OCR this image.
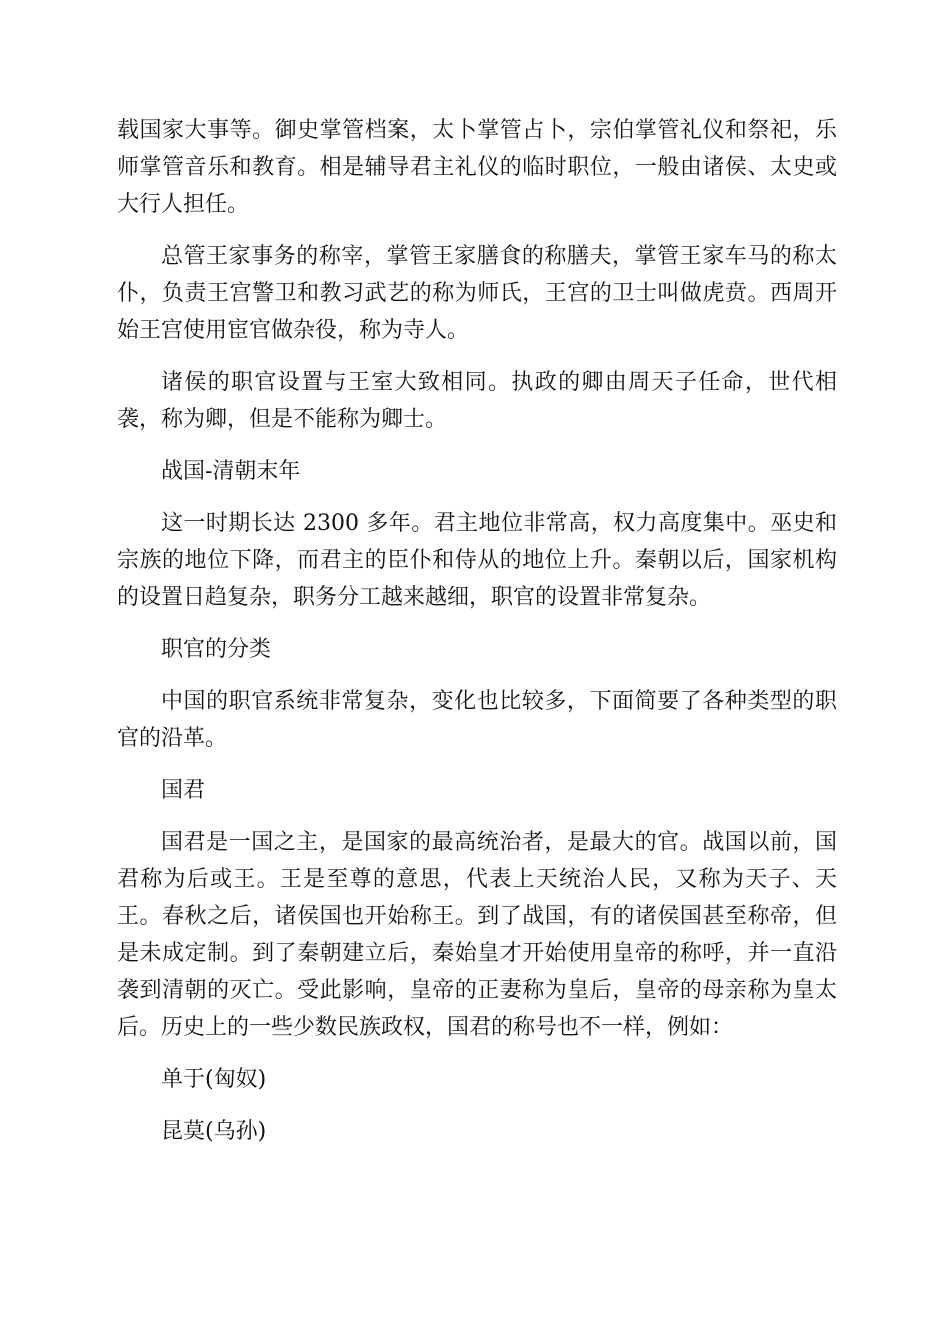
载国家大事等。御史掌管档案，太卜掌管占卜，宗伯掌管礼仪和祭祀，乐师掌管音乐和教育。相是辅导君主礼仪的临时职位，一般由诸侯、太史或大行人担任。

总管王家事务的称宰，掌管王家膳食的称膳夫，掌管王家车马的称太仆，负责王宫警卫和教习武艺的称为师氏，王宫的卫士叫做虎贲。西周开始王宫使用宦官做杂役，称为寺人。

诸侯的职官设置与王室大致相同。执政的卿由周天子任命，世代相袭，称为卿，但是不能称为卿士。

战国-清朝末年

这一时期长达 2300 多年。君主地位非常高，权力高度集中。巫史和宗族的地位下降，而君主的臣仆和侍从的地位上升。秦朝以后，国家机构的设置日趋复杂，职务分工越来越细，职官的设置非常复杂。

职官的分类

中国的职官系统非常复杂，变化也比较多，下面简要了各种类型的职官的沿革。

国君

国君是一国之主，是国家的最高统治者，是最大的官。战国以前，国君称为后或王。王是至尊的意思，代表上天统治人民，又称为天子、天王。春秋之后，诸侯国也开始称王。到了战国，有的诸侯国甚至称帝，但是未成定制。到了秦朝建立后，秦始皇才开始使用皇帝的称呼，并一直沿袭到清朝的灭亡。受此影响，皇帝的正妻称为皇后，皇帝的母亲称为皇太后。历史上的一些少数民族政权，国君的称号也不一样，例如：

单于(匈奴)

昆莫(乌孙)
